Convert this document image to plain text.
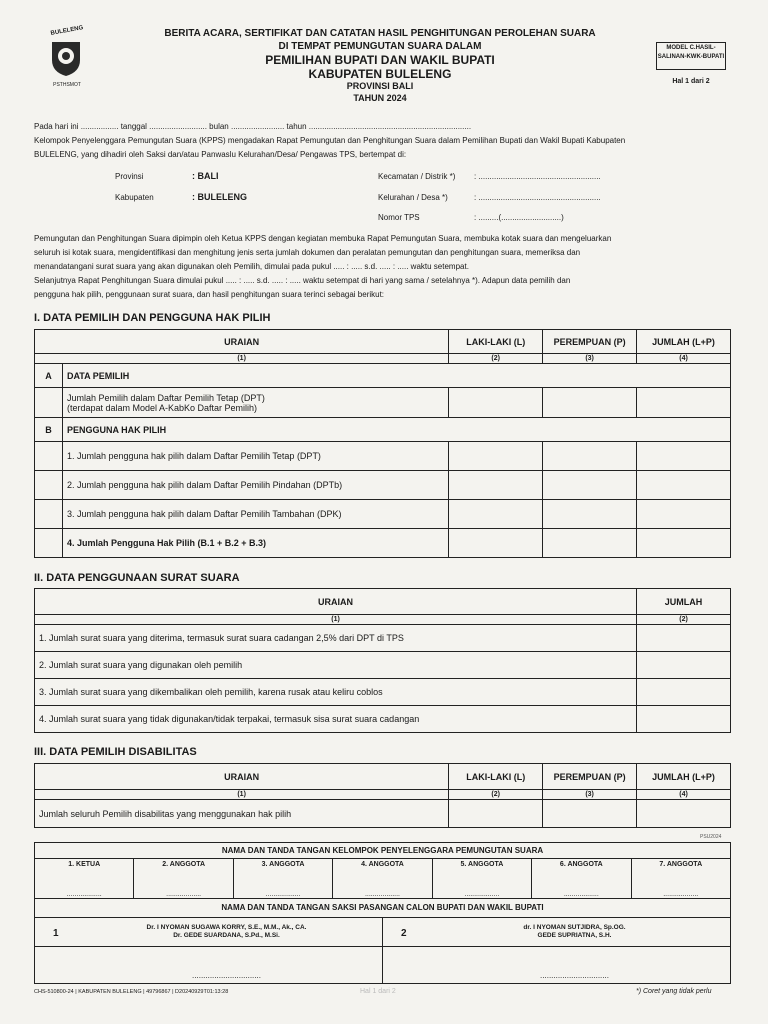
BULELENG
PSTHSMOT
BERITA ACARA, SERTIFIKAT DAN CATATAN HASIL PENGHITUNGAN PEROLEHAN SUARA
DI TEMPAT PEMUNGUTAN SUARA DALAM
PEMILIHAN BUPATI DAN WAKIL BUPATI
KABUPATEN BULELENG
PROVINSI BALI
TAHUN 2024
MODEL C.HASIL-SALINAN-KWK-BUPATI
Hal 1 dari 2
Pada hari ini ................. tanggal .......................... bulan ........................ tahun .........................................................................
Kelompok Penyelenggara Pemungutan Suara (KPPS) mengadakan Rapat Pemungutan dan Penghitungan Suara dalam Pemilihan Bupati dan Wakil Bupati Kabupaten
BULELENG, yang dihadiri oleh Saksi dan/atau Panwaslu Kelurahan/Desa/ Pengawas TPS, bertempat di:
Provinsi	: BALI
Kabupaten	: BULELENG
Kecamatan / Distrik *) : .......................................................
Kelurahan / Desa *)	: .......................................................
Nomor TPS	: .........(...........................)
Pemungutan dan Penghitungan Suara dipimpin oleh Ketua KPPS dengan kegiatan membuka Rapat Pemungutan Suara, membuka kotak suara dan mengeluarkan
seluruh isi kotak suara, mengidentifikasi dan menghitung jenis serta jumlah dokumen dan peralatan pemungutan dan penghitungan suara, memeriksa dan
menandatangani surat suara yang akan digunakan oleh Pemilih, dimulai pada pukul ..... : ..... s.d. ..... : ..... waktu setempat.
Selanjutnya Rapat Penghitungan Suara dimulai pukul ..... : ..... s.d. ..... : ..... waktu setempat di hari yang sama / setelahnya *). Adapun data pemilih dan
pengguna hak pilih, penggunaan surat suara, dan hasil penghitungan suara terinci sebagai berikut:
I. DATA PEMILIH DAN PENGGUNA HAK PILIH
URAIAN		LAKI-LAKI (L)	PEREMPUAN (P)	JUMLAH (L+P)
(1)		(2)	(3)	(4)
A	DATA PEMILIH			

	Jumlah Pemilih dalam Daftar Pemilih Tetap (DPT)
(terdapat dalam Model A-KabKo Daftar Pemilih)			

B	PENGGUNA HAK PILIH			
	1. Jumlah pengguna hak pilih dalam Daftar Pemilih Tetap (DPT)	

	2. Jumlah pengguna hak pilih dalam Daftar Pemilih Pindahan (DPTb)	

	3. Jumlah pengguna hak pilih dalam Daftar Pemilih Tambahan (DPK)	

	4. Jumlah Pengguna Hak Pilih (B.1 + B.2 + B.3)	

II. DATA PENGGUNAAN SURAT SUARA
URAIAN	JUMLAH
(1)	(2)
1. Jumlah surat suara yang diterima, termasuk surat suara cadangan 2,5% dari DPT di TPS	

2. Jumlah surat suara yang digunakan oleh pemilih	

3. Jumlah surat suara yang dikembalikan oleh pemilih, karena rusak atau keliru coblos	

4. Jumlah surat suara yang tidak digunakan/tidak terpakai, termasuk sisa surat suara cadangan	
III. DATA PEMILIH DISABILITAS
URAIAN	LAKI-LAKI (L)	PEREMPUAN (P)	JUMLAH (L+P)
(1)	(2)	(3)	(4)
Jumlah seluruh Pemilih disabilitas yang menggunakan hak pilih	

PSU2024
NAMA DAN TANDA TANGAN KELOMPOK PENYELENGGARA PEMUNGUTAN SUARA
1. KETUA
..................
2. ANGGOTA
..................
3. ANGGOTA
..................
4. ANGGOTA
..................
5. ANGGOTA
..................
6. ANGGOTA
..................
7. ANGGOTA
..................
NAMA DAN TANDA TANGAN SAKSI PASANGAN CALON BUPATI DAN WAKIL BUPATI
1
Dr. I NYOMAN SUGAWA KORRY, S.E., M.M., Ak., CA.
Dr. GEDE SUARDANA, S.Pd., M.Si.
...............................
2
dr. I NYOMAN SUTJIDRA, Sp.OG.
GEDE SUPRIATNA, S.H.
...............................
CHS-510800-24 | KABUPATEN BULELENG | 49796867 | D20240929T01:13:28	Hal 1 dari 2	*) Coret yang tidak perlu
